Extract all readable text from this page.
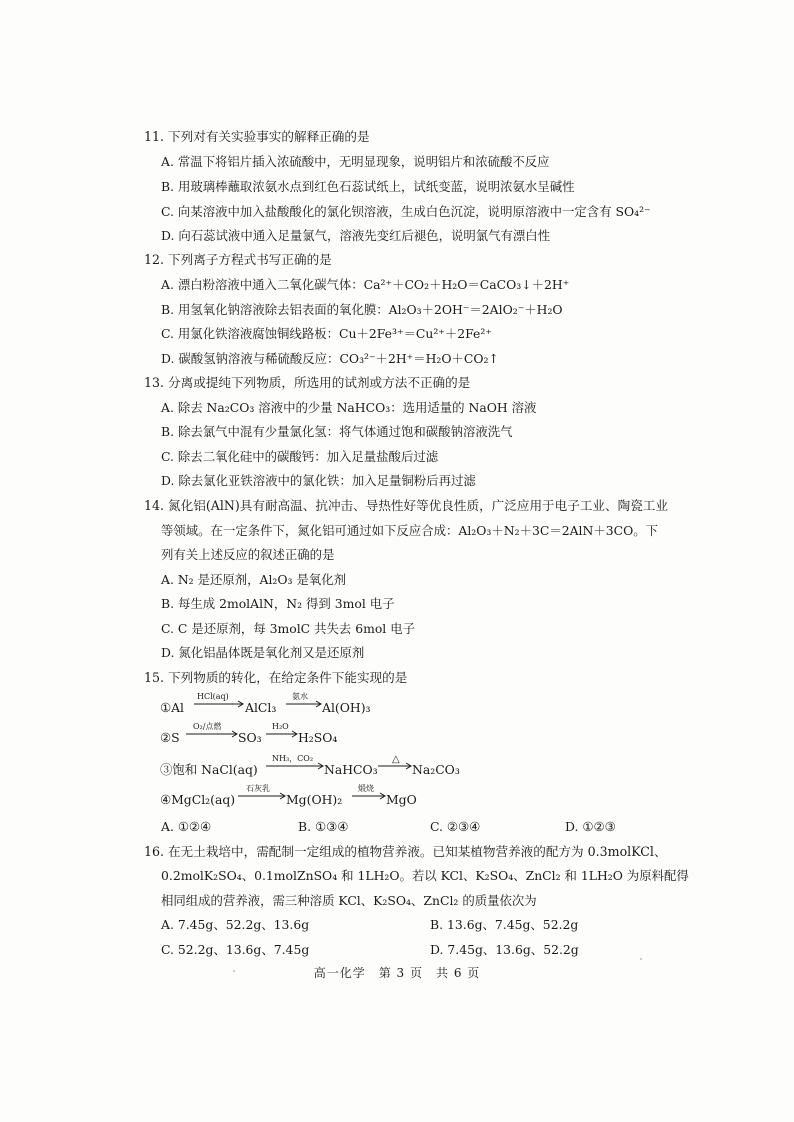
11. 下列对有关实验事实的解释正确的是
A. 常温下将铝片插入浓硫酸中，无明显现象，说明铝片和浓硫酸不反应
B. 用玻璃棒蘸取浓氨水点到红色石蕊试纸上，试纸变蓝，说明浓氨水呈碱性
C. 向某溶液中加入盐酸酸化的氯化钡溶液，生成白色沉淀，说明原溶液中一定含有 SO₄²⁻
D. 向石蕊试液中通入足量氯气，溶液先变红后褪色，说明氯气有漂白性
12. 下列离子方程式书写正确的是
A. 漂白粉溶液中通入二氧化碳气体：Ca²⁺＋CO₂＋H₂O＝CaCO₃↓＋2H⁺
B. 用氢氧化钠溶液除去铝表面的氧化膜：Al₂O₃＋2OH⁻＝2AlO₂⁻＋H₂O
C. 用氯化铁溶液腐蚀铜线路板：Cu＋2Fe³⁺＝Cu²⁺＋2Fe²⁺
D. 碳酸氢钠溶液与稀硫酸反应：CO₃²⁻＋2H⁺＝H₂O＋CO₂↑
13. 分离或提纯下列物质，所选用的试剂或方法不正确的是
A. 除去 Na₂CO₃ 溶液中的少量 NaHCO₃：选用适量的 NaOH 溶液
B. 除去氯气中混有少量氯化氢：将气体通过饱和碳酸钠溶液洗气
C. 除去二氧化硅中的碳酸钙：加入足量盐酸后过滤
D. 除去氯化亚铁溶液中的氯化铁：加入足量铜粉后再过滤
14. 氮化铝(AlN)具有耐高温、抗冲击、导热性好等优良性质，广泛应用于电子工业、陶瓷工业
等领域。在一定条件下，氮化铝可通过如下反应合成：Al₂O₃＋N₂＋3C＝2AlN＋3CO。下
列有关上述反应的叙述正确的是
A. N₂ 是还原剂，Al₂O₃ 是氧化剂
B. 每生成 2molAlN，N₂ 得到 3mol 电子
C. C 是还原剂，每 3molC 共失去 6mol 电子
D. 氮化铝晶体既是氧化剂又是还原剂
15. 下列物质的转化，在给定条件下能实现的是
①Al
HCl(aq)
AlCl₃
氨水
Al(OH)₃
②S
O₂/点燃
SO₃
H₂O
H₂SO₄
③饱和 NaCl(aq)
NH₃，CO₂
NaHCO₃
△
Na₂CO₃
④MgCl₂(aq)
石灰乳
Mg(OH)₂
煅烧
MgO
A. ①②④	B. ①③④	C. ②③④	D. ①②③
16. 在无土栽培中，需配制一定组成的植物营养液。已知某植物营养液的配方为 0.3molKCl、
0.2molK₂SO₄、0.1molZnSO₄ 和 1LH₂O。若以 KCl、K₂SO₄、ZnCl₂ 和 1LH₂O 为原料配得
相同组成的营养液，需三种溶质 KCl、K₂SO₄、ZnCl₂ 的质量依次为
A. 7.45g、52.2g、13.6g	B. 13.6g、7.45g、52.2g
C. 52.2g、13.6g、7.45g	D. 7.45g、13.6g、52.2g
高一化学　第 3 页　共 6 页
